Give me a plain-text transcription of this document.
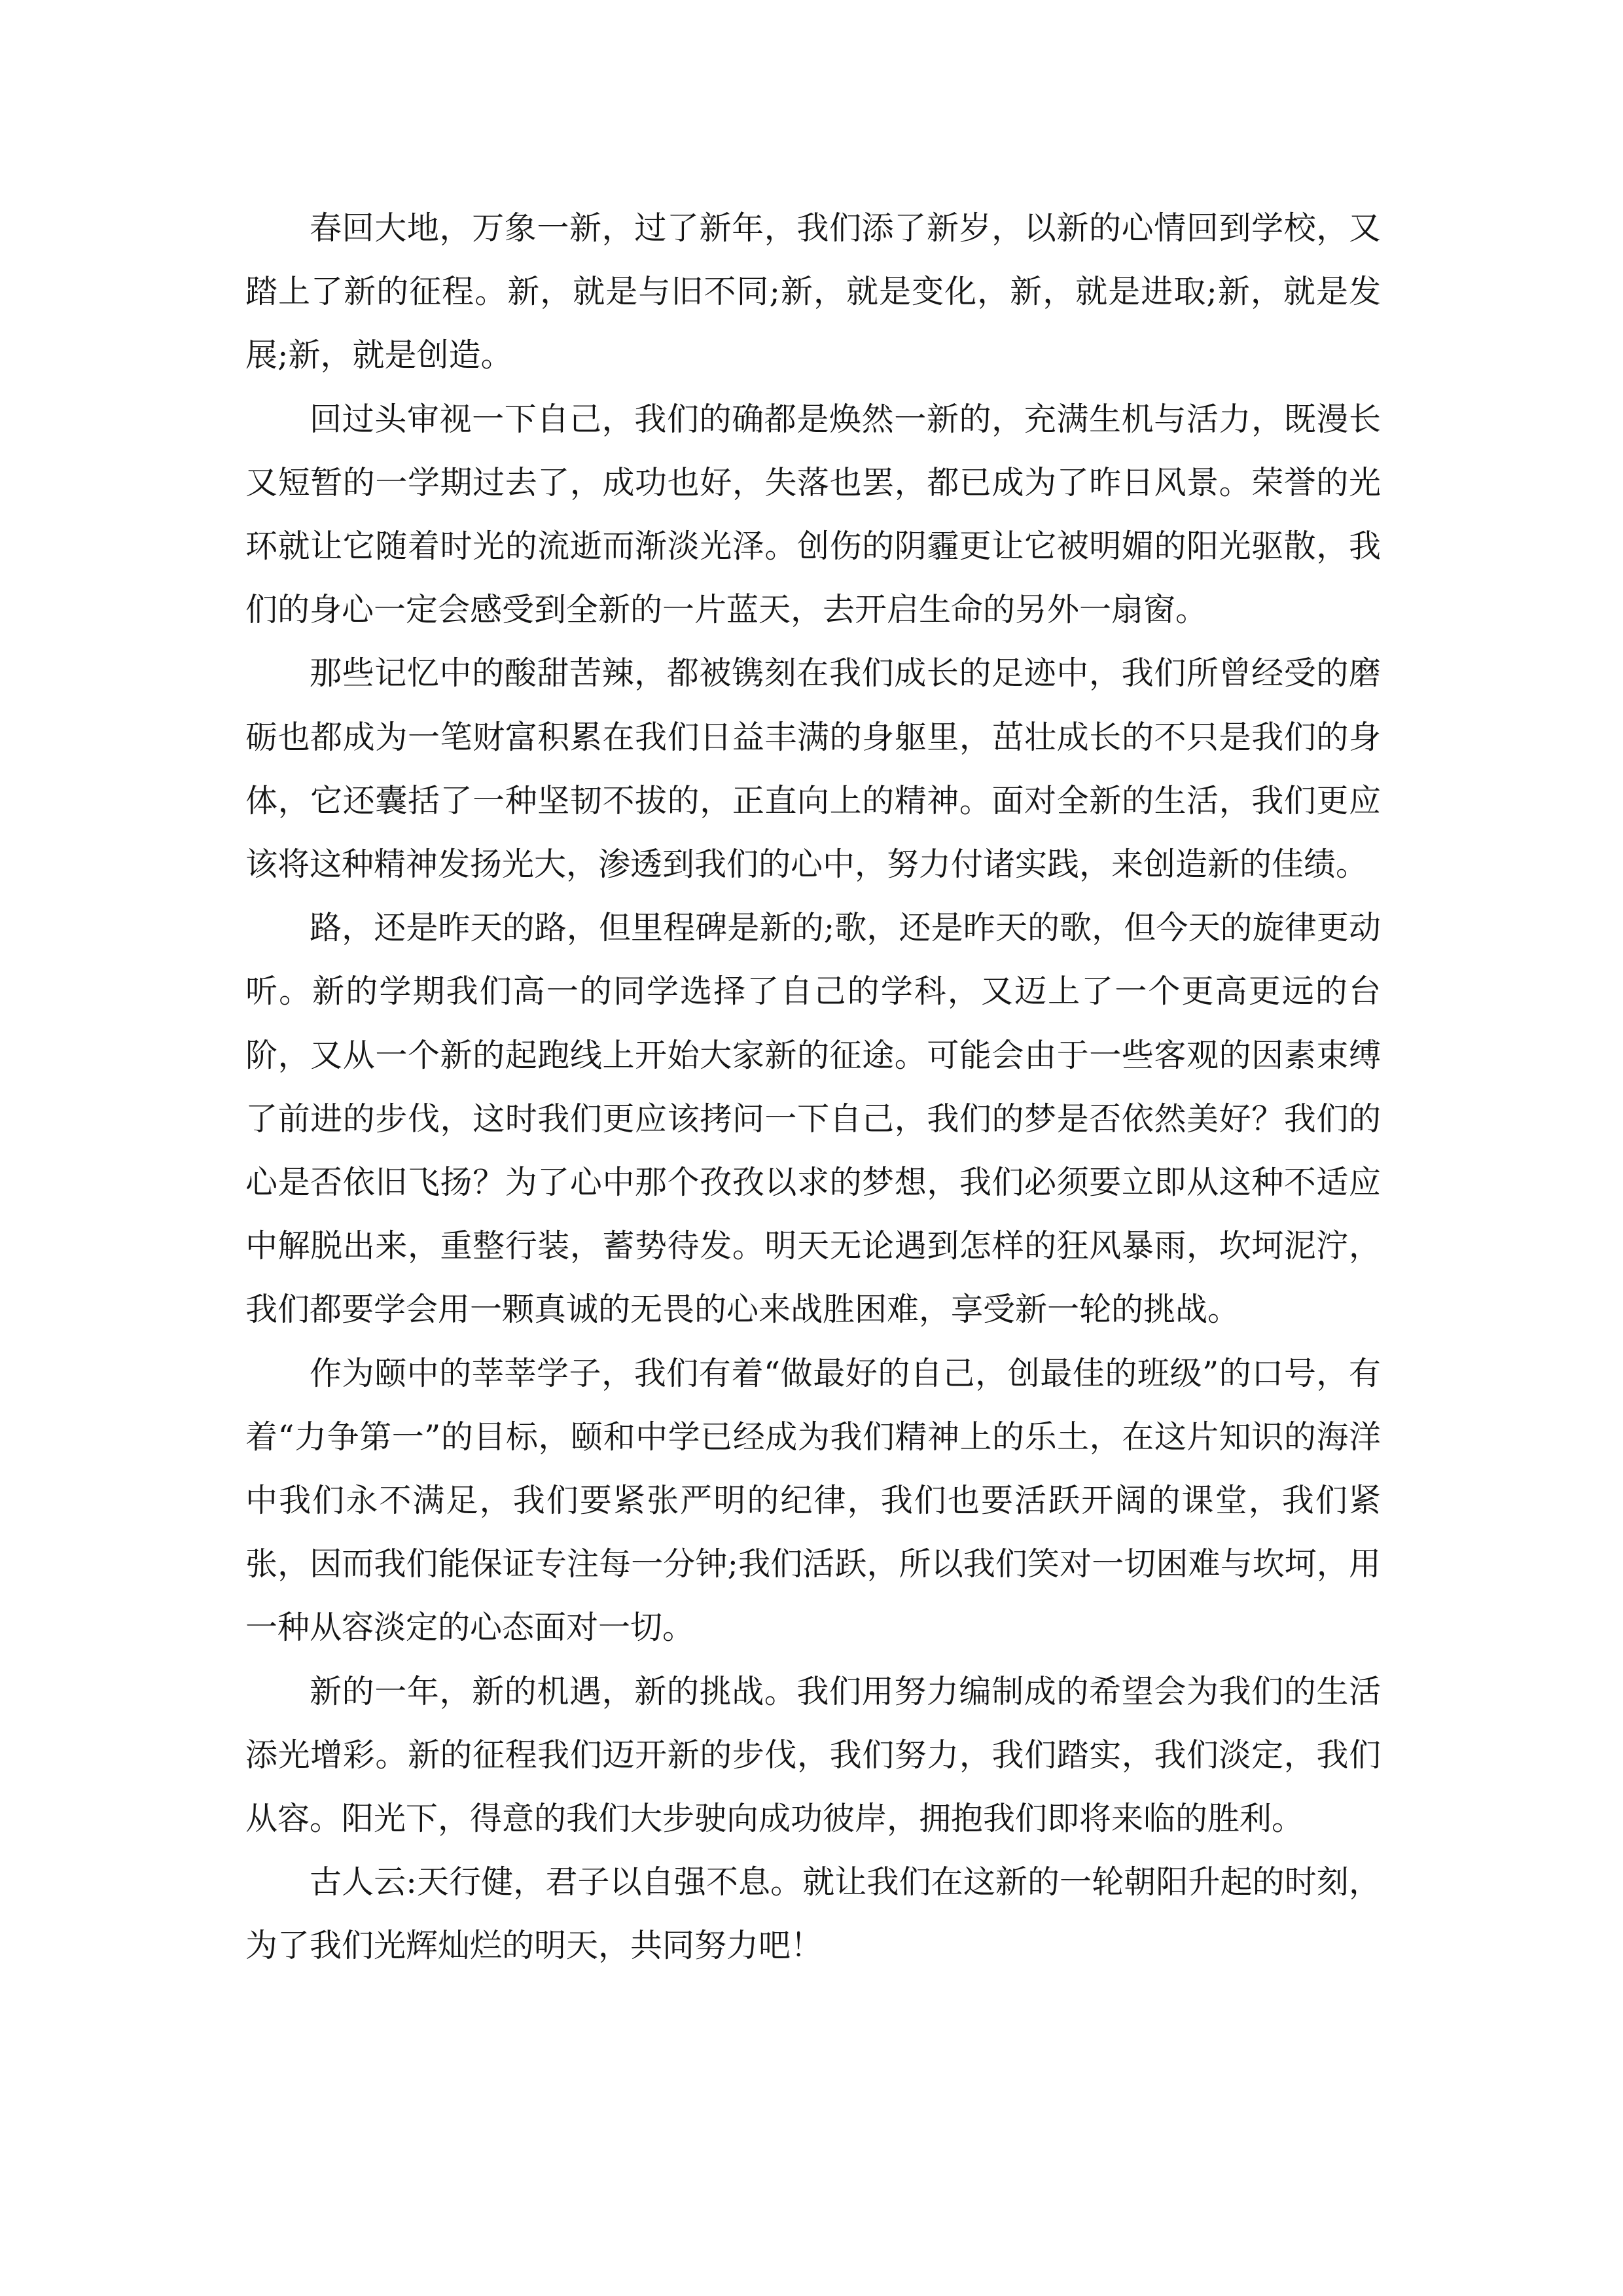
春回大地，万象一新，过了新年，我们添了新岁，以新的心情回到学校，又踏上了新的征程。新，就是与旧不同;新，就是变化，新，就是进取;新，就是发展;新，就是创造。

回过头审视一下自己，我们的确都是焕然一新的，充满生机与活力，既漫长又短暂的一学期过去了，成功也好，失落也罢，都已成为了昨日风景。荣誉的光环就让它随着时光的流逝而渐淡光泽。创伤的阴霾更让它被明媚的阳光驱散，我们的身心一定会感受到全新的一片蓝天，去开启生命的另外一扇窗。

那些记忆中的酸甜苦辣，都被镌刻在我们成长的足迹中，我们所曾经受的磨砺也都成为一笔财富积累在我们日益丰满的身躯里，茁壮成长的不只是我们的身体，它还囊括了一种坚韧不拔的，正直向上的精神。面对全新的生活，我们更应该将这种精神发扬光大，渗透到我们的心中，努力付诸实践，来创造新的佳绩。

路，还是昨天的路，但里程碑是新的;歌，还是昨天的歌，但今天的旋律更动听。新的学期我们高一的同学选择了自己的学科，又迈上了一个更高更远的台阶，又从一个新的起跑线上开始大家新的征途。可能会由于一些客观的因素束缚了前进的步伐，这时我们更应该拷问一下自己，我们的梦是否依然美好？我们的心是否依旧飞扬？为了心中那个孜孜以求的梦想，我们必须要立即从这种不适应中解脱出来，重整行装，蓄势待发。明天无论遇到怎样的狂风暴雨，坎坷泥泞，我们都要学会用一颗真诚的无畏的心来战胜困难，享受新一轮的挑战。

作为颐中的莘莘学子，我们有着“做最好的自己，创最佳的班级”的口号，有着“力争第一”的目标，颐和中学已经成为我们精神上的乐土，在这片知识的海洋中我们永不满足，我们要紧张严明的纪律，我们也要活跃开阔的课堂，我们紧张，因而我们能保证专注每一分钟;我们活跃，所以我们笑对一切困难与坎坷，用一种从容淡定的心态面对一切。

新的一年，新的机遇，新的挑战。我们用努力编制成的希望会为我们的生活添光增彩。新的征程我们迈开新的步伐，我们努力，我们踏实，我们淡定，我们从容。阳光下，得意的我们大步驶向成功彼岸，拥抱我们即将来临的胜利。

古人云:天行健，君子以自强不息。就让我们在这新的一轮朝阳升起的时刻，为了我们光辉灿烂的明天，共同努力吧！
